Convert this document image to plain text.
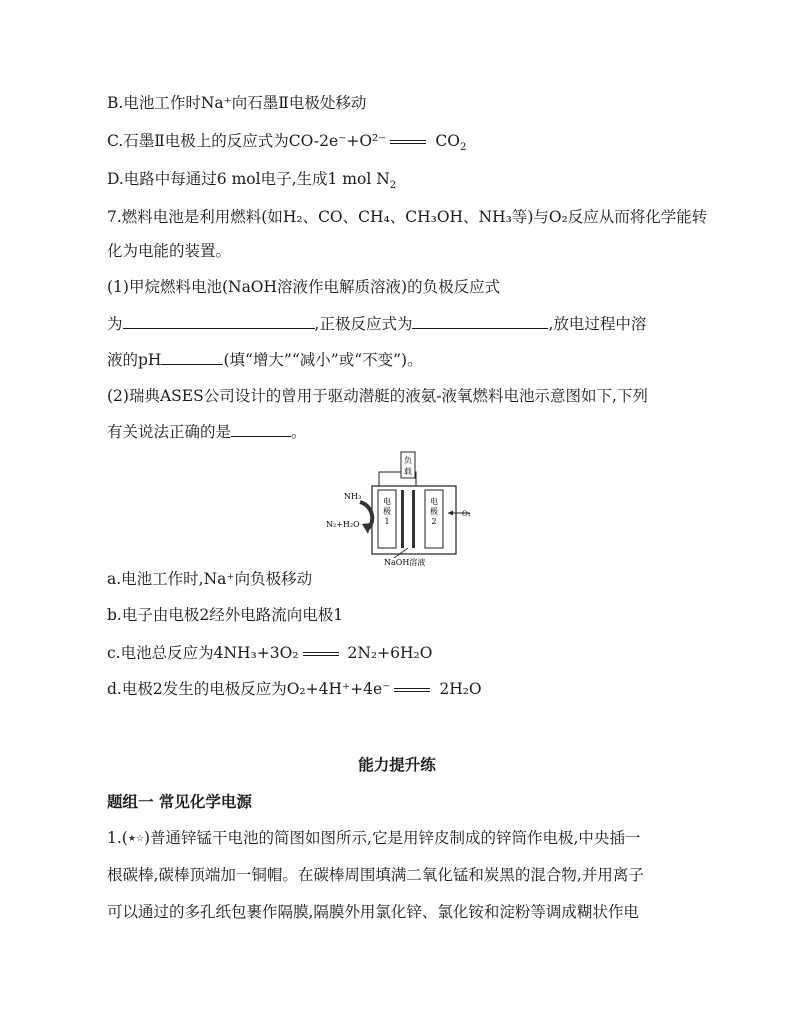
B.电池工作时Na⁺向石墨Ⅱ电极处移动
C.石墨Ⅱ电极上的反应式为CO-2e⁻+O²⁻	$CO_2$
D.电路中每通过6 mol电子,生成1 mol $N_2$
7.燃料电池是利用燃料(如H₂、CO、CH₄、CH₃OH、NH₃等)与O₂反应从而将化学能转
化为电能的装置。
(1)甲烷燃料电池(NaOH溶液作电解质溶液)的负极反应式
为	,正极反应式为	,放电过程中溶
液的pH	(填“增大”“减小”或“不变”)。
(2)瑞典ASES公司设计的曾用于驱动潜艇的液氨-液氧燃料电池示意图如下,下列
有关说法正确的是	。
负
载
电
极
1
电
极
2
NH₃
N₂+H₂O
O₂
NaOH溶液
a.电池工作时,Na⁺向负极移动
b.电子由电极2经外电路流向电极1
c.电池总反应为4NH₃+3O₂	2N₂+6H₂O
d.电极2发生的电极反应为O₂+4H⁺+4e⁻	2H₂O
能力提升练
题组一 常见化学电源
1.(★☆)普通锌锰干电池的简图如图所示,它是用锌皮制成的锌筒作电极,中央插一
根碳棒,碳棒顶端加一铜帽。在碳棒周围填满二氧化锰和炭黑的混合物,并用离子
可以通过的多孔纸包裹作隔膜,隔膜外用氯化锌、氯化铵和淀粉等调成糊状作电
